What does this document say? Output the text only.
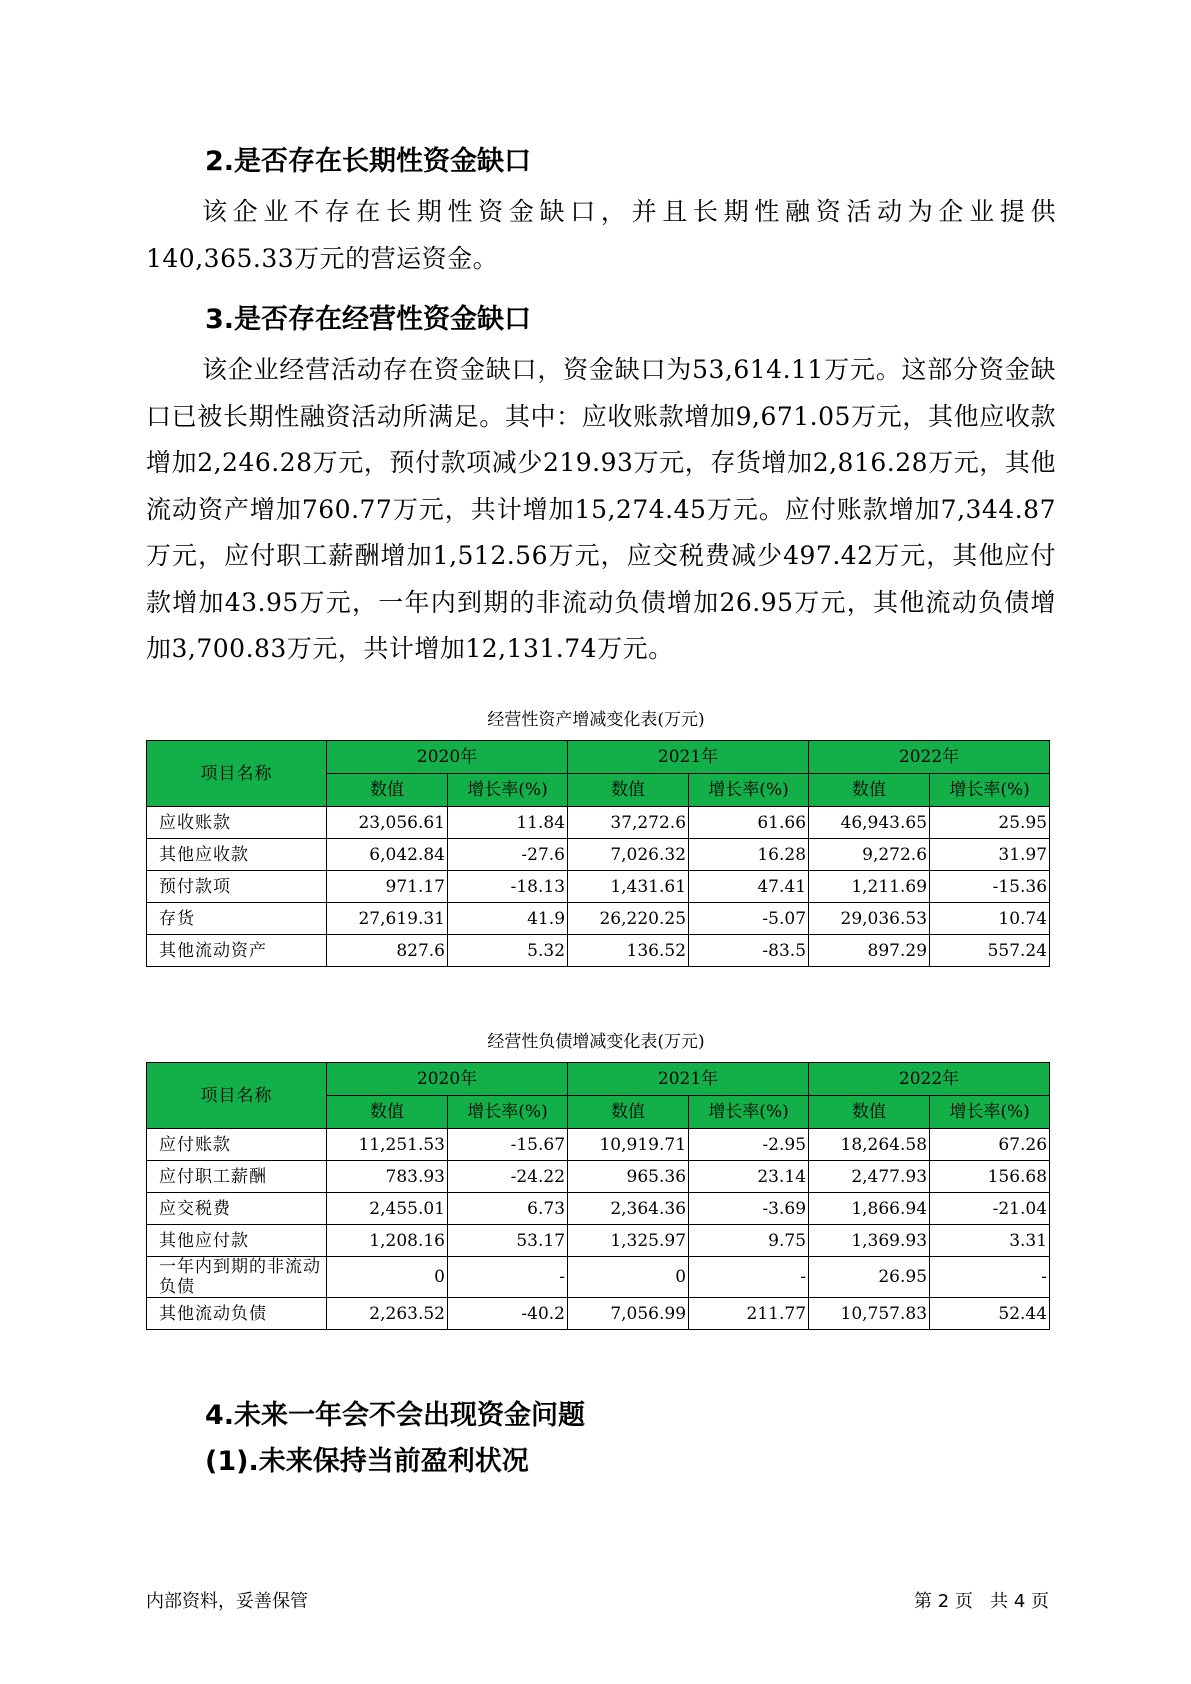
2.是否存在长期性资金缺口

该企业不存在长期性资金缺口，并且长期性融资活动为企业提供140,365.33万元的营运资金。

3.是否存在经营性资金缺口

该企业经营活动存在资金缺口，资金缺口为53,614.11万元。这部分资金缺口已被长期性融资活动所满足。其中：应收账款增加9,671.05万元，其他应收款增加2,246.28万元，预付款项减少219.93万元，存货增加2,816.28万元，其他流动资产增加760.77万元，共计增加15,274.45万元。应付账款增加7,344.87万元，应付职工薪酬增加1,512.56万元，应交税费减少497.42万元，其他应付款增加43.95万元，一年内到期的非流动负债增加26.95万元，其他流动负债增加3,700.83万元，共计增加12,131.74万元。

经营性资产增减变化表(万元)
项目名称	2020年		2021年		2022年	
	数值	增长率(%)	数值	增长率(%)	数值	增长率(%)
应收账款	23,056.61	11.84	37,272.6	61.66	46,943.65	25.95
其他应收款	6,042.84	-27.6	7,026.32	16.28	9,272.6	31.97
预付款项	971.17	-18.13	1,431.61	47.41	1,211.69	-15.36
存货	27,619.31	41.9	26,220.25	-5.07	29,036.53	10.74
其他流动资产	827.6	5.32	136.52	-83.5	897.29	557.24
经营性负债增减变化表(万元)
项目名称	2020年		2021年		2022年	
	数值	增长率(%)	数值	增长率(%)	数值	增长率(%)
应付账款	11,251.53	-15.67	10,919.71	-2.95	18,264.58	67.26
应付职工薪酬	783.93	-24.22	965.36	23.14	2,477.93	156.68
应交税费	2,455.01	6.73	2,364.36	-3.69	1,866.94	-21.04
其他应付款	1,208.16	53.17	1,325.97	9.75	1,369.93	3.31
一年内到期的非流动负债	0	-	0	-	26.95	-
其他流动负债	2,263.52	-40.2	7,056.99	211.77	10,757.83	52.44
4.未来一年会不会出现资金问题
(1).未来保持当前盈利状况
内部资料，妥善保管	第 2 页   共 4 页
